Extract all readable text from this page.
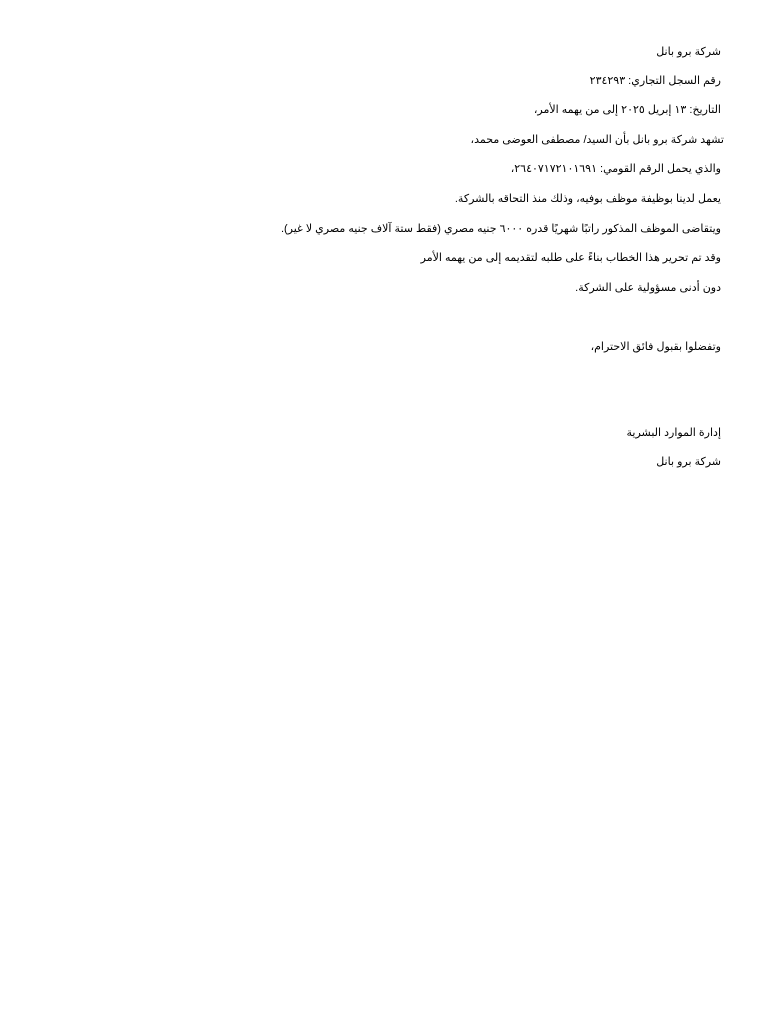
شركة برو بانل
رقم السجل التجاري: ٢٣٤٢٩٣
التاريخ: ١٣ إبريل ٢٠٢٥ إلى من يهمه الأمر،
تشهد شركة برو بانل بأن السيد/ مصطفى العوضى محمد،
والذي يحمل الرقم القومي: ٢٦٤٠٧١٧٢١٠١٦٩١،
يعمل لدينا بوظيفة موظف بوفيه، وذلك منذ التحاقه بالشركة.
ويتقاضى الموظف المذكور راتبًا شهريًا قدره ٦٠٠٠ جنيه مصري (فقط ستة آلاف جنيه مصري لا غير).
وقد تم تحرير هذا الخطاب بناءً على طلبه لتقديمه إلى من يهمه الأمر
دون أدنى مسؤولية على الشركة.
وتفضلوا بقبول فائق الاحترام،
إدارة الموارد البشرية
شركة برو بانل
